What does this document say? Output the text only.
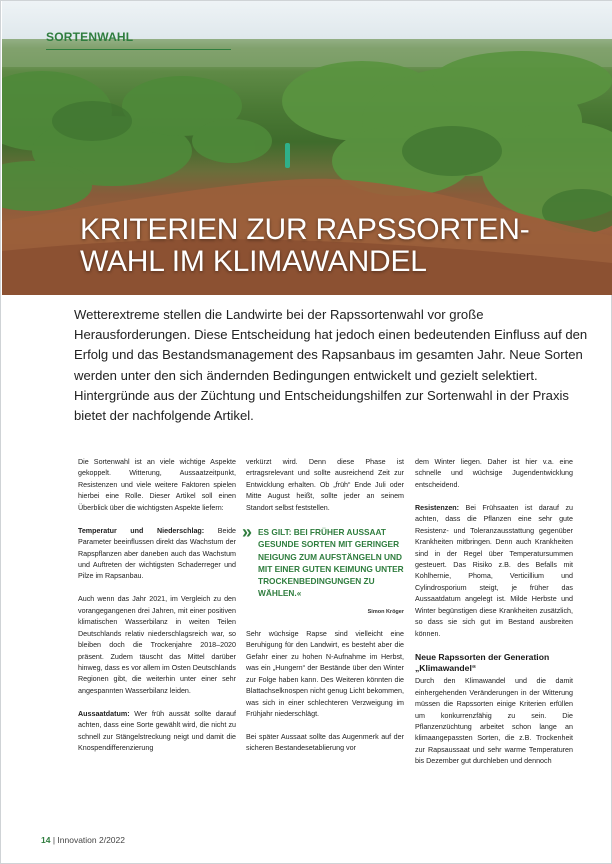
SORTENWAHL
KRITERIEN ZUR RAPSSORTEN-
WAHL IM KLIMAWANDEL
Wetterextreme stellen die Landwirte bei der Rapssortenwahl vor große Herausforderungen. Diese Entscheidung hat jedoch einen bedeutenden Einfluss auf den Erfolg und das Bestandsmanagement des Rapsanbaus im gesamten Jahr. Neue Sorten werden unter den sich ändernden Bedingungen entwickelt und gezielt selektiert. Hintergründe aus der Züchtung und Entscheidungshilfen zur Sortenwahl in der Praxis bietet der nachfolgende Artikel.

Die Sortenwahl ist an viele wichtige Aspekte gekoppelt. Witterung, Aussaatzeitpunkt, Resistenzen und viele weitere Faktoren spielen hierbei eine Rolle. Dieser Artikel soll einen Überblick über die wichtigsten Aspekte liefern:

Temperatur und Niederschlag: Beide Parameter beeinflussen direkt das Wachstum der Rapspflanzen aber daneben auch das Wachstum und Auftreten der wichtigsten Schaderreger und Pilze im Rapsanbau.

Auch wenn das Jahr 2021, im Vergleich zu den vorangegangenen drei Jahren, mit einer positiven klimatischen Wasserbilanz in weiten Teilen Deutschlands relativ niederschlagsreich war, so bleiben doch die Trockenjahre 2018–2020 präsent. Zudem täuscht das Mittel darüber hinweg, dass es vor allem im Osten Deutschlands Regionen gibt, die weiterhin unter einer sehr angespannten Wasserbilanz leiden.

Aussaatdatum: Wer früh aussät sollte darauf achten, dass eine Sorte gewählt wird, die nicht zu schnell zur Stängelstreckung neigt und damit die Knospendifferenzierung

verkürzt wird. Denn diese Phase ist ertragsrelevant und sollte ausreichend Zeit zur Entwicklung erhalten. Ob „früh“ Ende Juli oder Mitte August heißt, sollte jeder an seinem Standort selbst feststellen.

» ES GILT: BEI FRÜHER AUSSAAT GESUNDE SORTEN MIT GERINGER NEIGUNG ZUM AUFSTÄNGELN UND MIT EINER GUTEN KEIMUNG UNTER TROCKENBEDINGUNGEN ZU WÄHLEN.«
Simon Kröger

Sehr wüchsige Rapse sind vielleicht eine Beruhigung für den Landwirt, es besteht aber die Gefahr einer zu hohen N-Aufnahme im Herbst, was ein „Hungern“ der Bestände über den Winter zur Folge haben kann. Des Weiteren könnten die Blattachselknospen nicht genug Licht bekommen, was sich in einer schlechteren Verzweigung im Frühjahr niederschlägt.

Bei später Aussaat sollte das Augenmerk auf der sicheren Bestandesetablierung vor

dem Winter liegen. Daher ist hier v.a. eine schnelle und wüchsige Jugendentwicklung entscheidend.

Resistenzen: Bei Frühsaaten ist darauf zu achten, dass die Pflanzen eine sehr gute Resistenz- und Toleranzausstattung gegenüber Krankheiten mitbringen. Denn auch Krankheiten sind in der Regel über Temperatursummen gesteuert. Das Risiko z.B. des Befalls mit Kohlhernie, Phoma, Verticillium und Cylindrosporium steigt, je früher das Aussaatdatum angelegt ist. Milde Herbste und Winter begünstigen diese Krankheiten zusätzlich, so dass sie sich gut im Bestand ausbreiten können.

Neue Rapssorten der Generation „Klimawandel“

Durch den Klimawandel und die damit einhergehenden Veränderungen in der Witterung müssen die Rapssorten einige Kriterien erfüllen um konkurrenzfähig zu sein. Die Pflanzenzüchtung arbeitet schon lange an klimaangepassten Sorten, die z.B. Trockenheit zur Rapsaussaat und sehr warme Temperaturen bis Dezember gut durchleben und dennoch

14 | Innovation 2/2022
